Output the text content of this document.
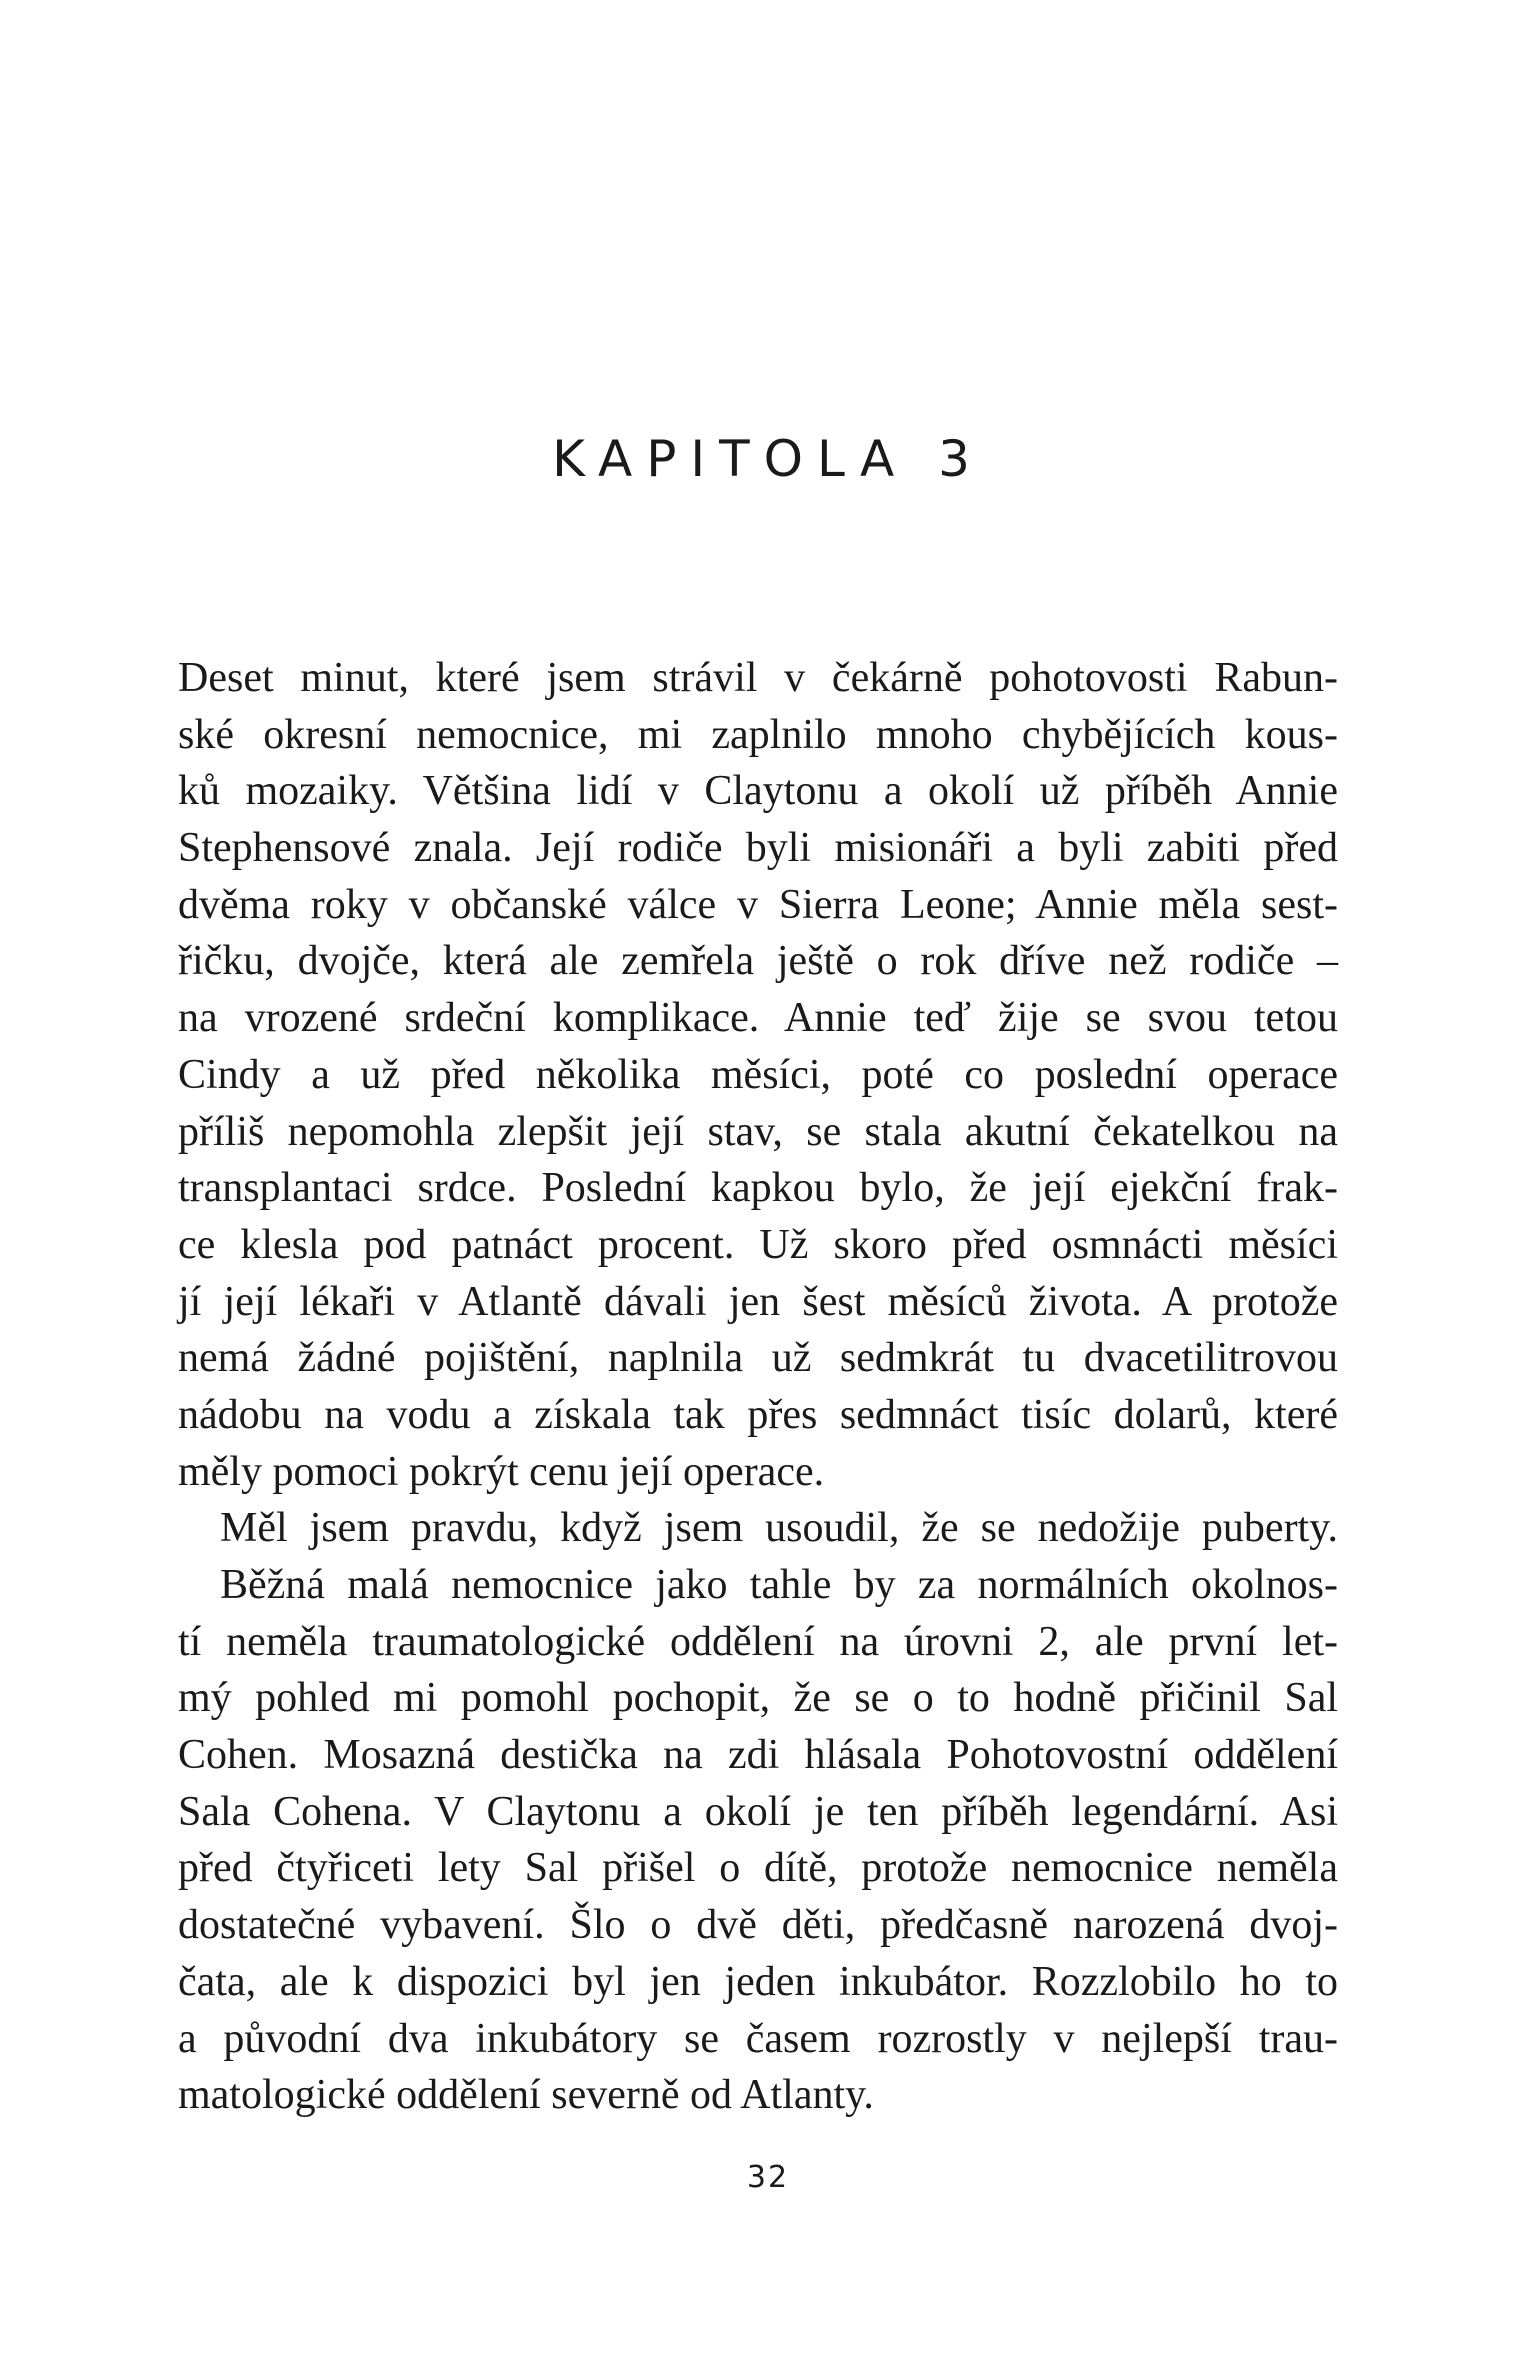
KAPITOLA 3
Deset minut, které jsem strávil v čekárně pohotovosti Rabun-
ské okresní nemocnice, mi zaplnilo mnoho chybějících kous-
ků mozaiky. Většina lidí v Claytonu a okolí už příběh Annie
Stephensové znala. Její rodiče byli misionáři a byli zabiti před
dvěma roky v občanské válce v Sierra Leone; Annie měla sest-
řičku, dvojče, která ale zemřela ještě o rok dříve než rodiče –
na vrozené srdeční komplikace. Annie teď žije se svou tetou
Cindy a už před několika měsíci, poté co poslední operace
příliš nepomohla zlepšit její stav, se stala akutní čekatelkou na
transplantaci srdce. Poslední kapkou bylo, že její ejekční frak-
ce klesla pod patnáct procent. Už skoro před osmnácti měsíci
jí její lékaři v Atlantě dávali jen šest měsíců života. A protože
nemá žádné pojištění, naplnila už sedmkrát tu dvacetilitrovou
nádobu na vodu a získala tak přes sedmnáct tisíc dolarů, které
měly pomoci pokrýt cenu její operace.
Měl jsem pravdu, když jsem usoudil, že se nedožije puberty.
Běžná malá nemocnice jako tahle by za normálních okolnos-
tí neměla traumatologické oddělení na úrovni 2, ale první let-
mý pohled mi pomohl pochopit, že se o to hodně přičinil Sal
Cohen. Mosazná destička na zdi hlásala Pohotovostní oddělení
Sala Cohena. V Claytonu a okolí je ten příběh legendární. Asi
před čtyřiceti lety Sal přišel o dítě, protože nemocnice neměla
dostatečné vybavení. Šlo o dvě děti, předčasně narozená dvoj-
čata, ale k dispozici byl jen jeden inkubátor. Rozzlobilo ho to
a původní dva inkubátory se časem rozrostly v nejlepší trau-
matologické oddělení severně od Atlanty.
32
